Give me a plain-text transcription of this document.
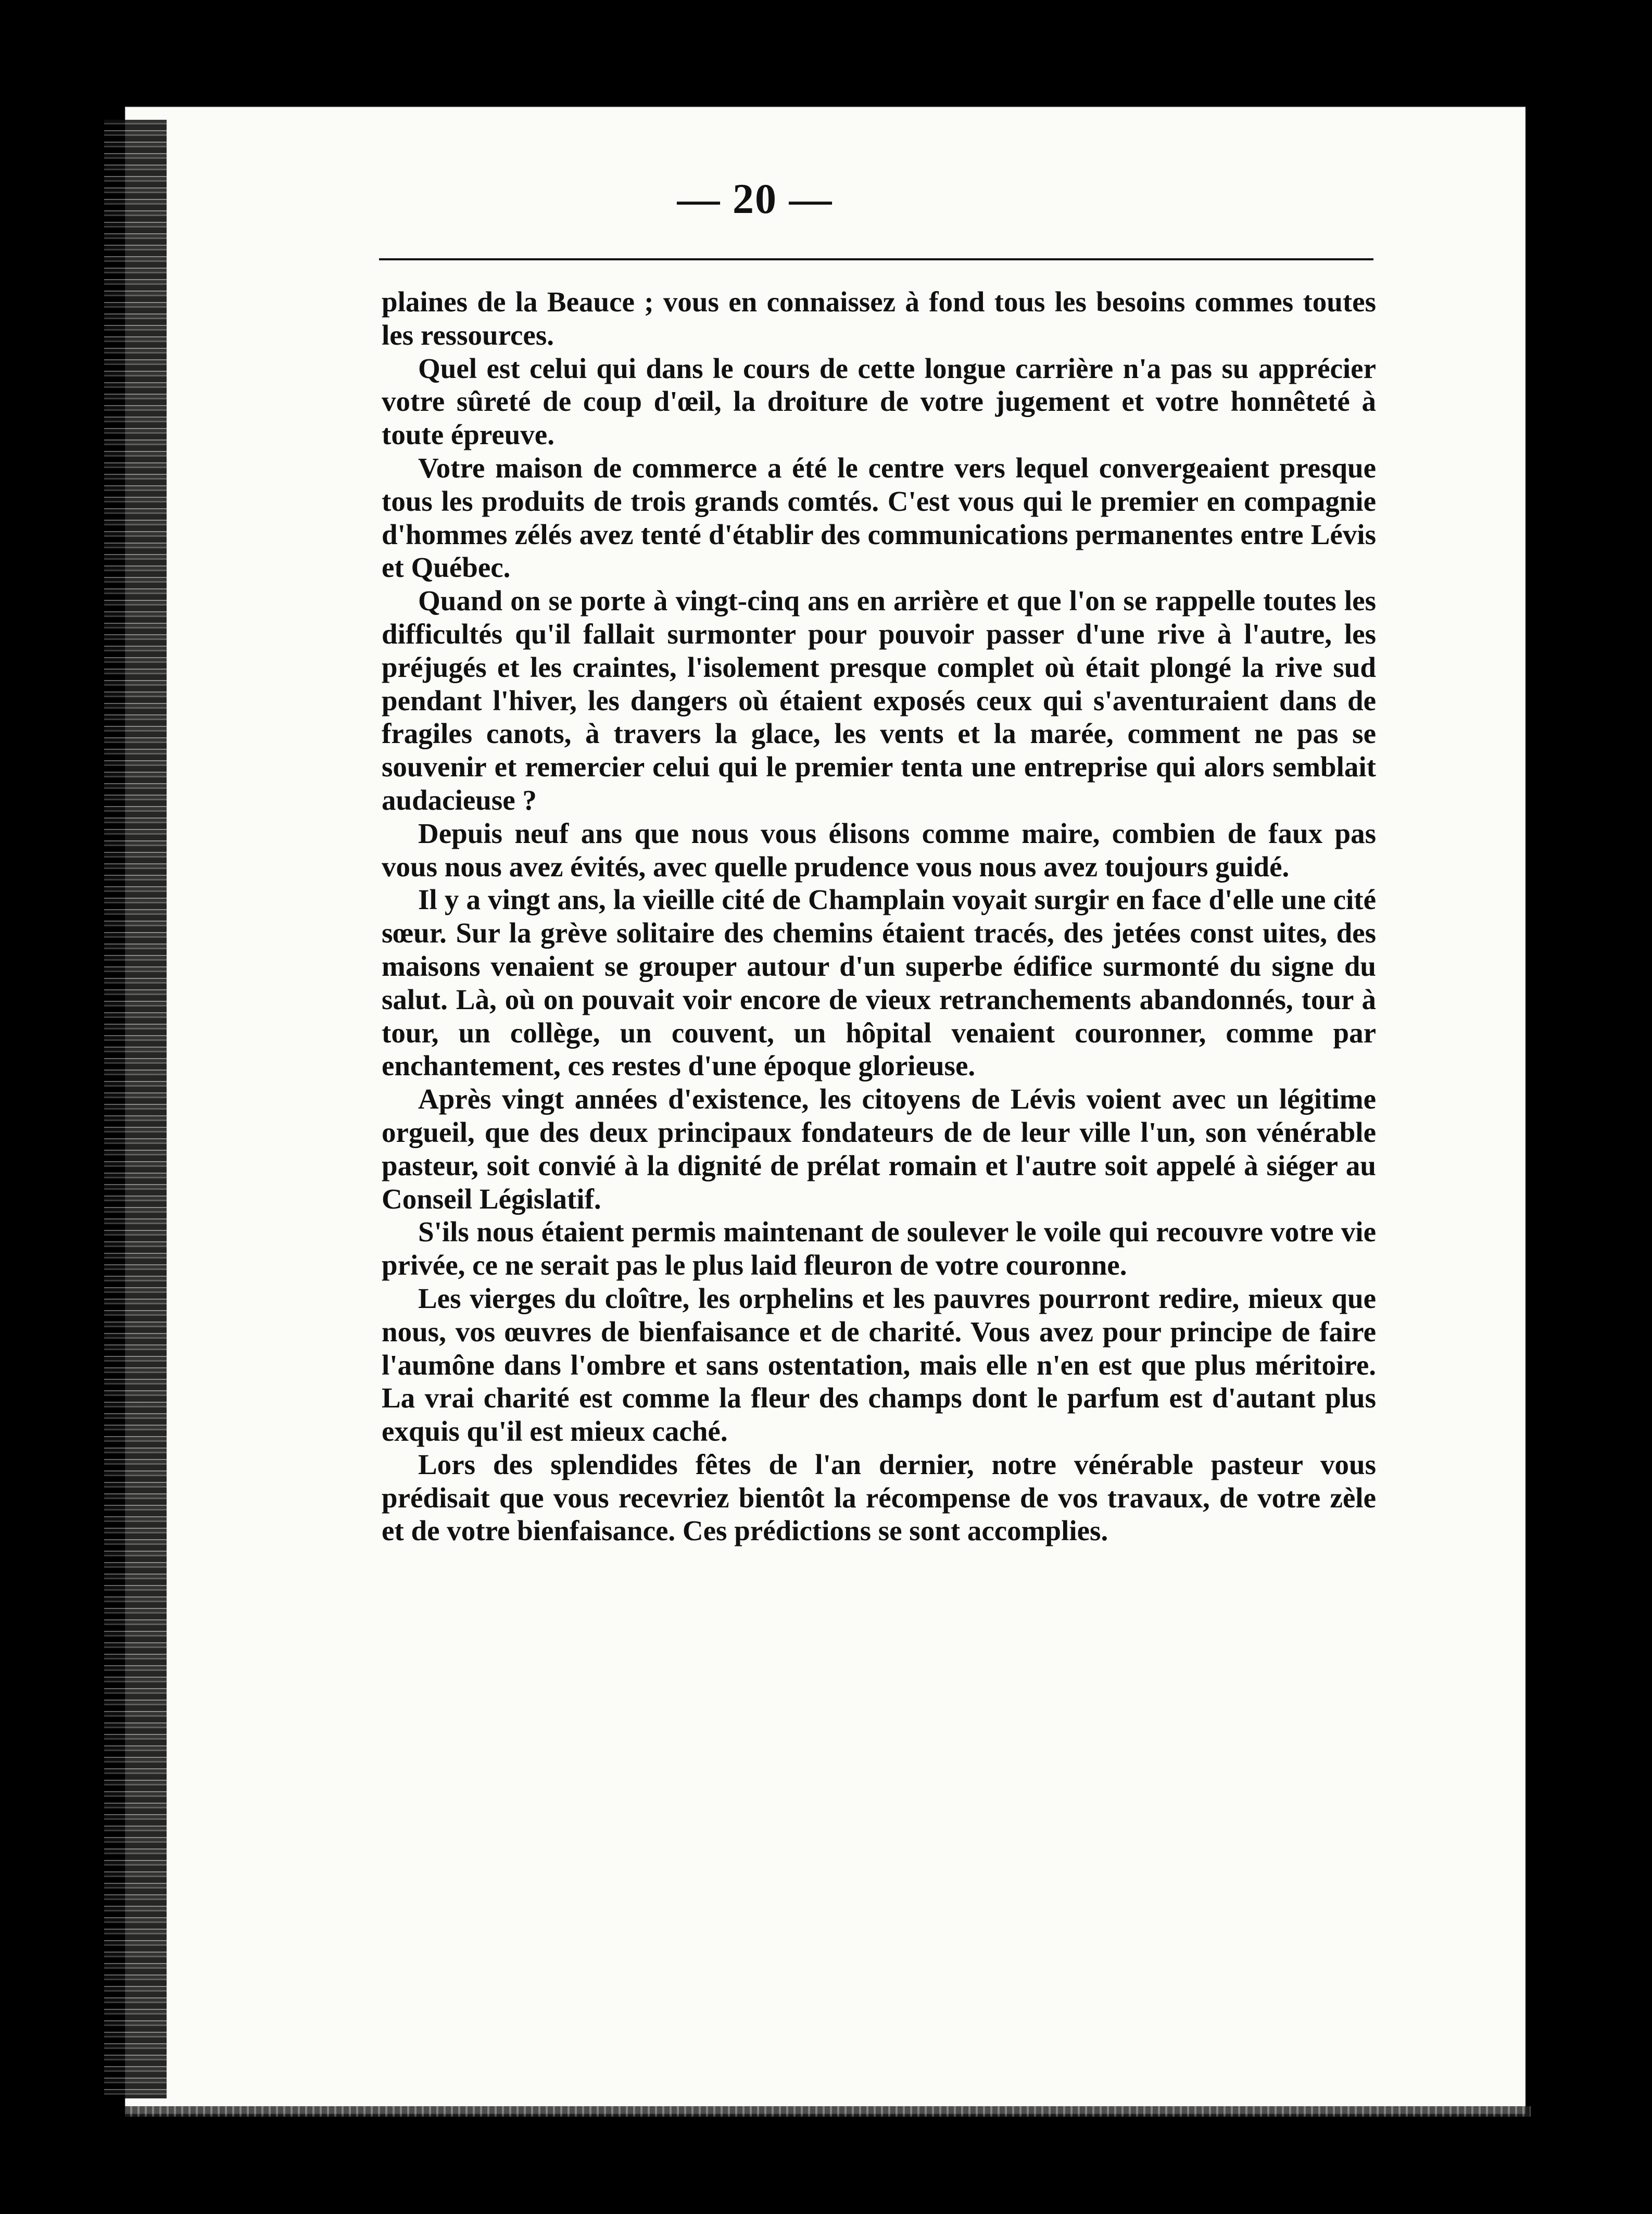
— 20 —

plaines de la Beauce ; vous en connaissez à fond tous les besoins commes toutes les ressources.

Quel est celui qui dans le cours de cette longue carrière n'a pas su apprécier votre sûreté de coup d'œil, la droiture de votre jugement et votre honnêteté à toute épreuve.

Votre maison de commerce a été le centre vers lequel convergeaient presque tous les produits de trois grands comtés. C'est vous qui le premier en compagnie d'hommes zélés avez tenté d'établir des communications permanentes entre Lévis et Québec.

Quand on se porte à vingt-cinq ans en arrière et que l'on se rappelle toutes les difficultés qu'il fallait surmonter pour pouvoir passer d'une rive à l'autre, les préjugés et les craintes, l'isolement presque complet où était plongé la rive sud pendant l'hiver, les dangers où étaient exposés ceux qui s'aventuraient dans de fragiles canots, à travers la glace, les vents et la marée, comment ne pas se souvenir et remercier celui qui le premier tenta une entreprise qui alors semblait audacieuse ?

Depuis neuf ans que nous vous élisons comme maire, combien de faux pas vous nous avez évités, avec quelle prudence vous nous avez toujours guidé.

Il y a vingt ans, la vieille cité de Champlain voyait surgir en face d'elle une cité sœur. Sur la grève solitaire des chemins étaient tracés, des jetées const uites, des maisons venaient se grouper autour d'un superbe édifice surmonté du signe du salut. Là, où on pouvait voir encore de vieux retranchements abandonnés, tour à tour, un collège, un couvent, un hôpital venaient couronner, comme par enchantement, ces restes d'une époque glorieuse.

Après vingt années d'existence, les citoyens de Lévis voient avec un légitime orgueil, que des deux principaux fondateurs de de leur ville l'un, son vénérable pasteur, soit convié à la dignité de prélat romain et l'autre soit appelé à siéger au Conseil Législatif.

S'ils nous étaient permis maintenant de soulever le voile qui recouvre votre vie privée, ce ne serait pas le plus laid fleuron de votre couronne.

Les vierges du cloître, les orphelins et les pauvres pourront redire, mieux que nous, vos œuvres de bienfaisance et de charité. Vous avez pour principe de faire l'aumône dans l'ombre et sans ostentation, mais elle n'en est que plus méritoire. La vrai charité est comme la fleur des champs dont le parfum est d'autant plus exquis qu'il est mieux caché.

Lors des splendides fêtes de l'an dernier, notre vénérable pasteur vous prédisait que vous recevriez bientôt la récompense de vos travaux, de votre zèle et de votre bienfaisance. Ces prédictions se sont accomplies.
